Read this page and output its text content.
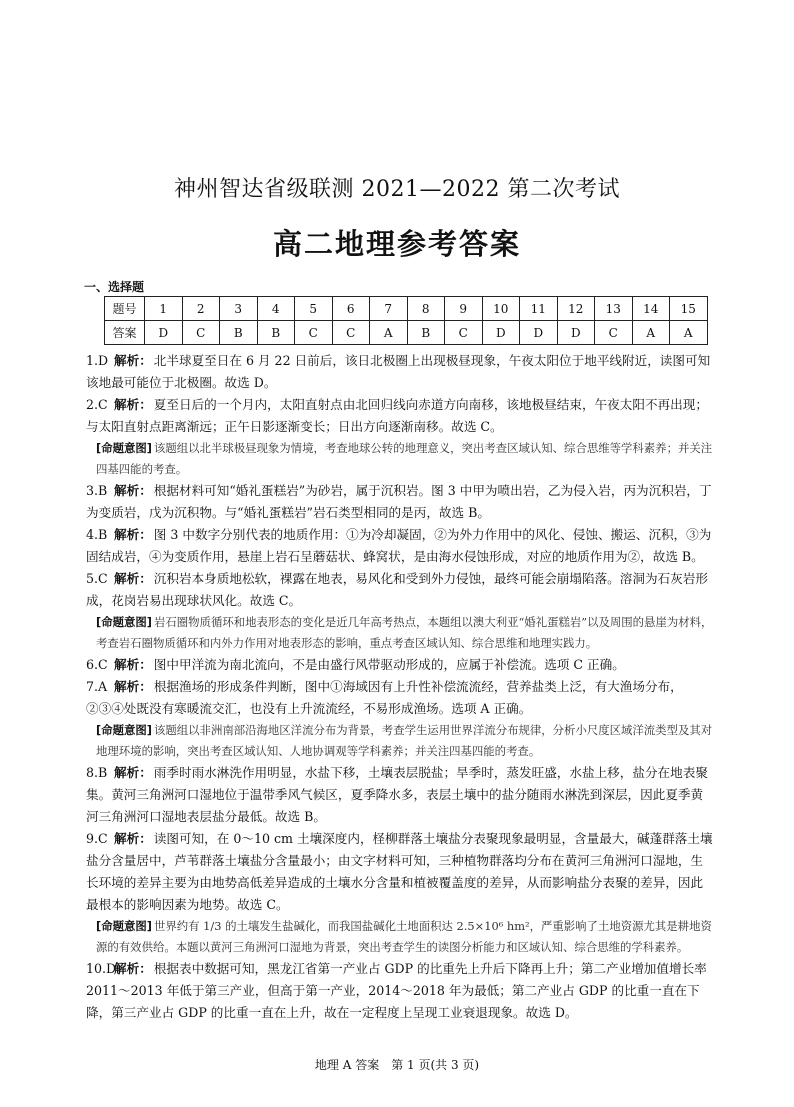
神州智达省级联测 2021—2022 第二次考试
高二地理参考答案
一、选择题
题号	1	2	3	4	5	6	7	8	9	10	11	12	13	14	15
答案	D	C	B	B	C	C	A	B	C	D	D	D	C	A	A

1.D 解析： 北半球夏至日在 6 月 22 日前后，该日北极圈上出现极昼现象，午夜太阳位于地平线附近，读图可知该地最可能位于北极圈。故选 D。

2.C 解析： 夏至日后的一个月内，太阳直射点由北回归线向赤道方向南移，该地极昼结束，午夜太阳不再出现；与太阳直射点距离渐远；正午日影逐渐变长；日出方向逐渐南移。故选 C。

[命题意图] 该题组以北半球极昼现象为情境，考查地球公转的地理意义，突出考查区域认知、综合思维等学科素养；并关注四基四能的考查。

3.B 解析： 根据材料可知“婚礼蛋糕岩”为砂岩，属于沉积岩。图 3 中甲为喷出岩，乙为侵入岩，丙为沉积岩，丁为变质岩，戊为沉积物。与“婚礼蛋糕岩”岩石类型相同的是丙，故选 B。

4.B 解析： 图 3 中数字分别代表的地质作用：①为冷却凝固，②为外力作用中的风化、侵蚀、搬运、沉积，③为固结成岩，④为变质作用，悬崖上岩石呈蘑菇状、蜂窝状，是由海水侵蚀形成，对应的地质作用为②，故选 B。

5.C 解析： 沉积岩本身质地松软，裸露在地表，易风化和受到外力侵蚀，最终可能会崩塌陷落。溶洞为石灰岩形成，花岗岩易出现球状风化。故选 C。

[命题意图] 岩石圈物质循环和地表形态的变化是近几年高考热点，本题组以澳大利亚“婚礼蛋糕岩”以及周围的悬崖为材料，考查岩石圈物质循环和内外力作用对地表形态的影响，重点考查区域认知、综合思维和地理实践力。

6.C 解析： 图中甲洋流为南北流向，不是由盛行风带驱动形成的，应属于补偿流。选项 C 正确。

7.A 解析： 根据渔场的形成条件判断，图中①海域因有上升性补偿流流经，营养盐类上泛，有大渔场分布，②③④处既没有寒暖流交汇，也没有上升流流经，不易形成渔场。选项 A 正确。

[命题意图] 该题组以非洲南部沿海地区洋流分布为背景，考查学生运用世界洋流分布规律，分析小尺度区域洋流类型及其对地理环境的影响，突出考查区域认知、人地协调观等学科素养；并关注四基四能的考查。

8.B 解析： 雨季时雨水淋洗作用明显，水盐下移，土壤表层脱盐；旱季时，蒸发旺盛，水盐上移，盐分在地表聚集。黄河三角洲河口湿地位于温带季风气候区，夏季降水多，表层土壤中的盐分随雨水淋洗到深层，因此夏季黄河三角洲河口湿地表层盐分最低。故选 B。

9.C 解析： 读图可知，在 0～10 cm 土壤深度内，柽柳群落土壤盐分表聚现象最明显，含量最大，碱蓬群落土壤盐分含量居中，芦苇群落土壤盐分含量最小；由文字材料可知，三种植物群落均分布在黄河三角洲河口湿地，生长环境的差异主要为由地势高低差异造成的土壤水分含量和植被覆盖度的差异，从而影响盐分表聚的差异，因此最根本的影响因素为地势。故选 C。

[命题意图] 世界约有 1/3 的土壤发生盐碱化，而我国盐碱化土地面积达 2.5×10⁶ hm²，严重影响了土地资源尤其是耕地资源的有效供给。本题以黄河三角洲河口湿地为背景，突出考查学生的读图分析能力和区域认知、综合思维的学科素养。

10.D解析： 根据表中数据可知，黑龙江省第一产业占 GDP 的比重先上升后下降再上升；第二产业增加值增长率 2011～2013 年低于第三产业，但高于第一产业，2014～2018 年为最低；第二产业占 GDP 的比重一直在下降，第三产业占 GDP 的比重一直在上升，故在一定程度上呈现工业衰退现象。故选 D。

地理 A 答案　第 1 页(共 3 页)
